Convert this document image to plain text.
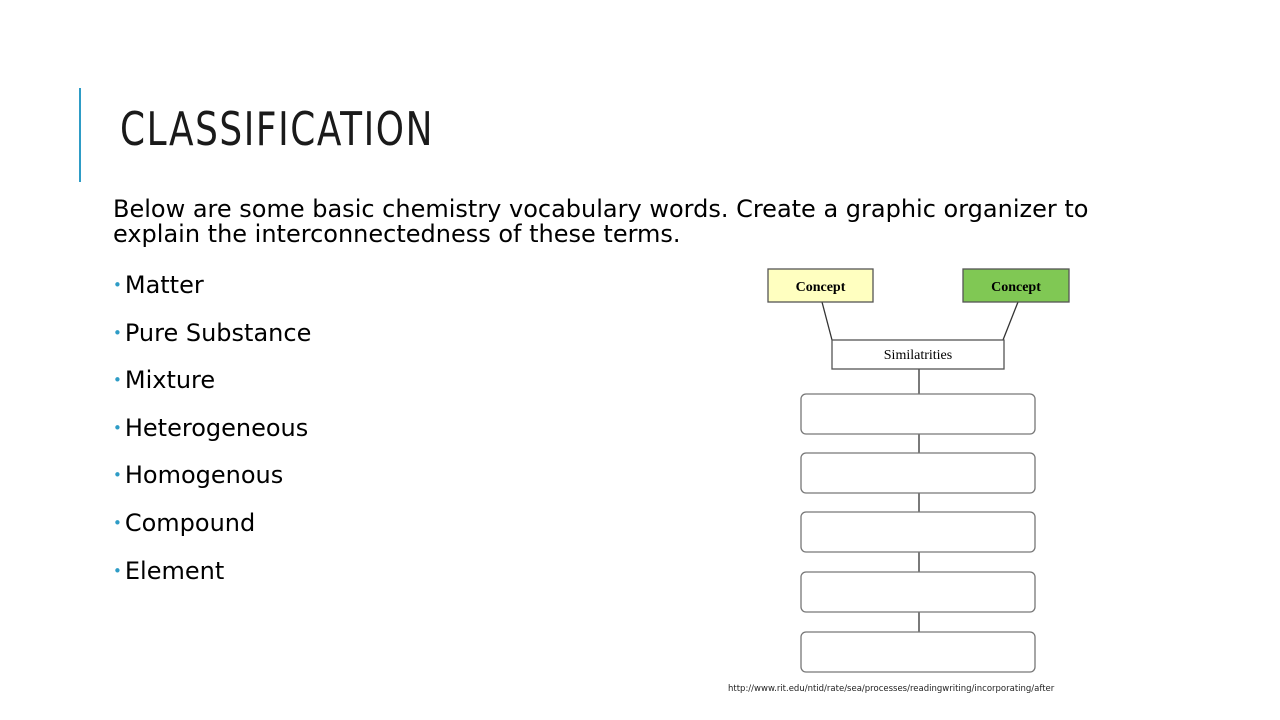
CLASSIFICATION
Below are some basic chemistry vocabulary words. Create a graphic organizer to explain the interconnectedness of these terms.
• Matter
• Pure Substance
• Mixture
• Heterogeneous
• Homogenous
• Compound
• Element
Concept	Concept
Similatrities
http://www.rit.edu/ntid/rate/sea/processes/readingwriting/incorporating/after
